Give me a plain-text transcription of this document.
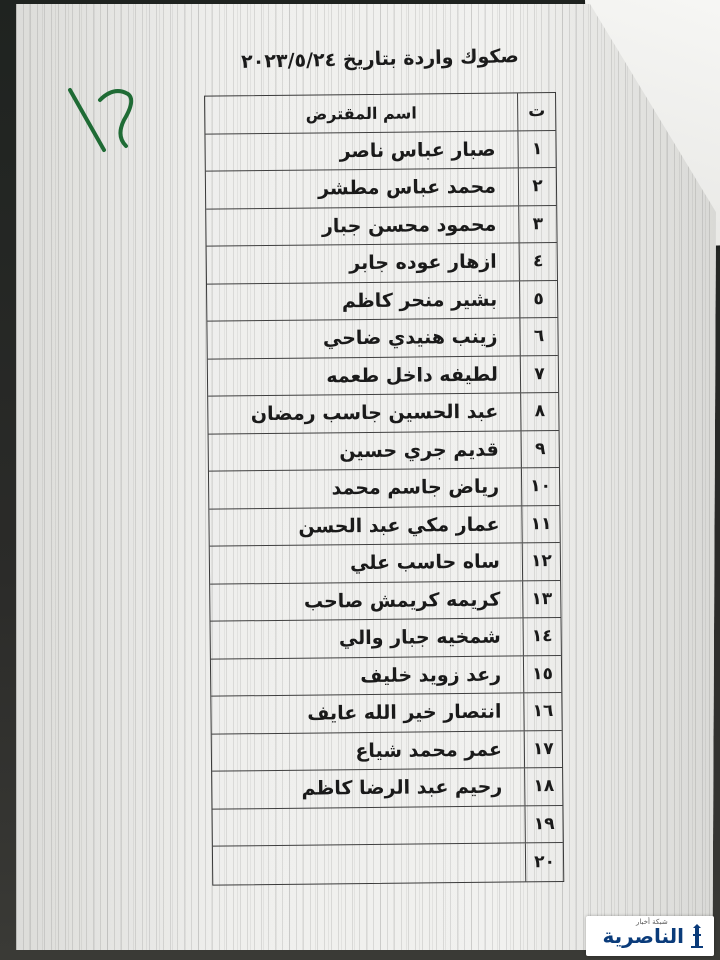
صكوك واردة بتاريخ ٢٠٢٣/٥/٢٤
ت
اسم المقترض
١
صبار عباس ناصر
٢
محمد عباس مطشر
٣
محمود محسن جبار
٤
ازهار عوده جابر
٥
بشير منحر كاظم
٦
زينب هنيدي ضاحي
٧
لطيفه داخل طعمه
٨
عبد الحسين جاسب رمضان
٩
قديم جري حسين
١٠
رياض جاسم محمد
١١
عمار مكي عبد الحسن
١٢
ساه حاسب علي
١٣
كريمه كريمش صاحب
١٤
شمخيه جبار والي
١٥
رعد زويد خليف
١٦
انتصار خير الله عايف
١٧
عمر محمد شياع
١٨
رحيم عبد الرضا كاظم
١٩
٢٠
الناصرية
شبكة أخبار
